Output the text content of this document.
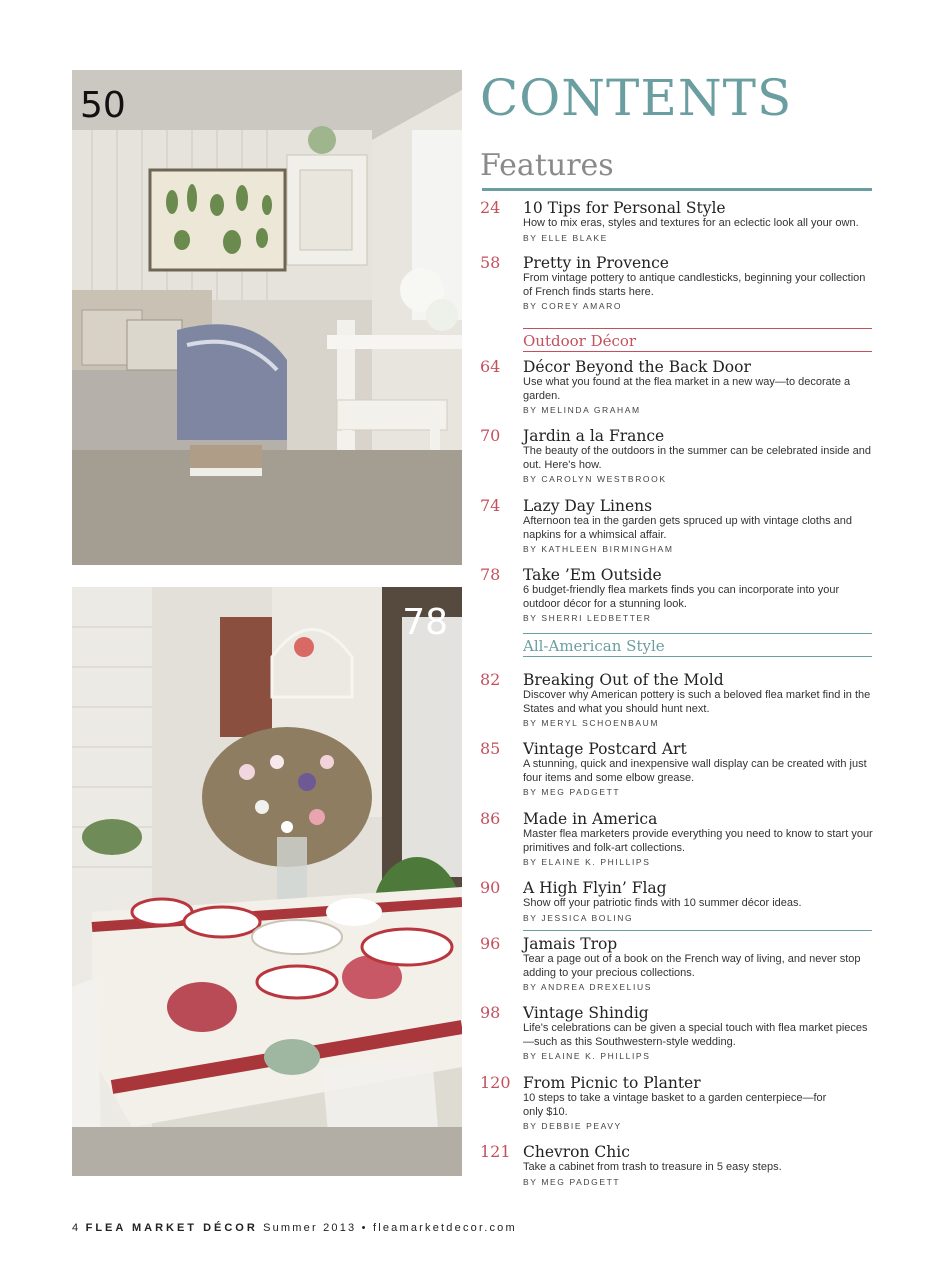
50
78
CONTENTS
Features
24 10 Tips for Personal Style
How to mix eras, styles and textures for an eclectic look all your own.
BY ELLE BLAKE
58 Pretty in Provence
From vintage pottery to antique candlesticks, beginning your collection of French finds starts here.
BY COREY AMARO
Outdoor Décor
64 Décor Beyond the Back Door
Use what you found at the flea market in a new way—to decorate a garden.
BY MELINDA GRAHAM
70 Jardin a la France
The beauty of the outdoors in the summer can be celebrated inside and out. Here's how.
BY CAROLYN WESTBROOK
74 Lazy Day Linens
Afternoon tea in the garden gets spruced up with vintage cloths and napkins for a whimsical affair.
BY KATHLEEN BIRMINGHAM
78 Take ’Em Outside
6 budget-friendly flea markets finds you can incorporate into your outdoor décor for a stunning look.
BY SHERRI LEDBETTER
All-American Style
82 Breaking Out of the Mold
Discover why American pottery is such a beloved flea market find in the States and what you should hunt next.
BY MERYL SCHOENBAUM
85 Vintage Postcard Art
A stunning, quick and inexpensive wall display can be created with just four items and some elbow grease.
BY MEG PADGETT
86 Made in America
Master flea marketers provide everything you need to know to start your primitives and folk-art collections.
BY ELAINE K. PHILLIPS
90 A High Flyin’ Flag
Show off your patriotic finds with 10 summer décor ideas.
BY JESSICA BOLING
96 Jamais Trop
Tear a page out of a book on the French way of living, and never stop adding to your precious collections.
BY ANDREA DREXELIUS
98 Vintage Shindig
Life's celebrations can be given a special touch with flea market pieces—such as this Southwestern-style wedding.
BY ELAINE K. PHILLIPS
120 From Picnic to Planter
10 steps to take a vintage basket to a garden centerpiece—for only $10.
BY DEBBIE PEAVY
121 Chevron Chic
Take a cabinet from trash to treasure in 5 easy steps.
BY MEG PADGETT
4 FLEA MARKET DÉCOR Summer 2013 • fleamarketdecor.com
